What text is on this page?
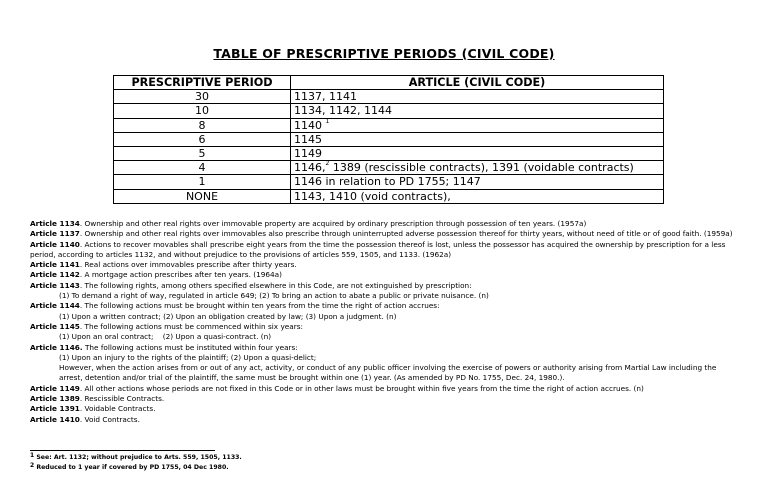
TABLE OF PRESCRIPTIVE PERIODS (CIVIL CODE)
PRESCRIPTIVE PERIOD	ARTICLE (CIVIL CODE)
30	1137, 1141
10	1134, 1142, 1144
8	1140 $^1$
6	1145
5	1149
4	1146,$^2$ 1389 (rescissible contracts), 1391 (voidable contracts)
1	1146 in relation to PD 1755; 1147
NONE	1143, 1410 (void contracts),

Article 1134. Ownership and other real rights over immovable property are acquired by ordinary prescription through possession of ten years. (1957a)

Article 1137. Ownership and other real rights over immovables also prescribe through uninterrupted adverse possession thereof for thirty years, without need of title or of good faith. (1959a)

Article 1140. Actions to recover movables shall prescribe eight years from the time the possession thereof is lost, unless the possessor has acquired the ownership by prescription for a less period, according to articles 1132, and without prejudice to the provisions of articles 559, 1505, and 1133. (1962a)

Article 1141. Real actions over immovables prescribe after thirty years.

Article 1142. A mortgage action prescribes after ten years. (1964a)

Article 1143. The following rights, among others specified elsewhere in this Code, are not extinguished by prescription:

(1) To demand a right of way, regulated in article 649; (2) To bring an action to abate a public or private nuisance. (n)

Article 1144. The following actions must be brought within ten years from the time the right of action accrues:

(1) Upon a written contract; (2) Upon an obligation created by law; (3) Upon a judgment. (n)

Article 1145. The following actions must be commenced within six years:

(1) Upon an oral contract;    (2) Upon a quasi-contract. (n)

Article 1146. The following actions must be instituted within four years:

(1) Upon an injury to the rights of the plaintiff; (2) Upon a quasi-delict;

However, when the action arises from or out of any act, activity, or conduct of any public officer involving the exercise of powers or authority arising from Martial Law including the arrest, detention and/or trial of the plaintiff, the same must be brought within one (1) year. (As amended by PD No. 1755, Dec. 24, 1980.).

Article 1149. All other actions whose periods are not fixed in this Code or in other laws must be brought within five years from the time the right of action accrues. (n)

Article 1389. Rescissible Contracts.

Article 1391. Voidable Contracts.

Article 1410. Void Contracts.

$^1$ See: Art. 1132; without prejudice to Arts. 559, 1505, 1133.

$^2$ Reduced to 1 year if covered by PD 1755, 04 Dec 1980.
